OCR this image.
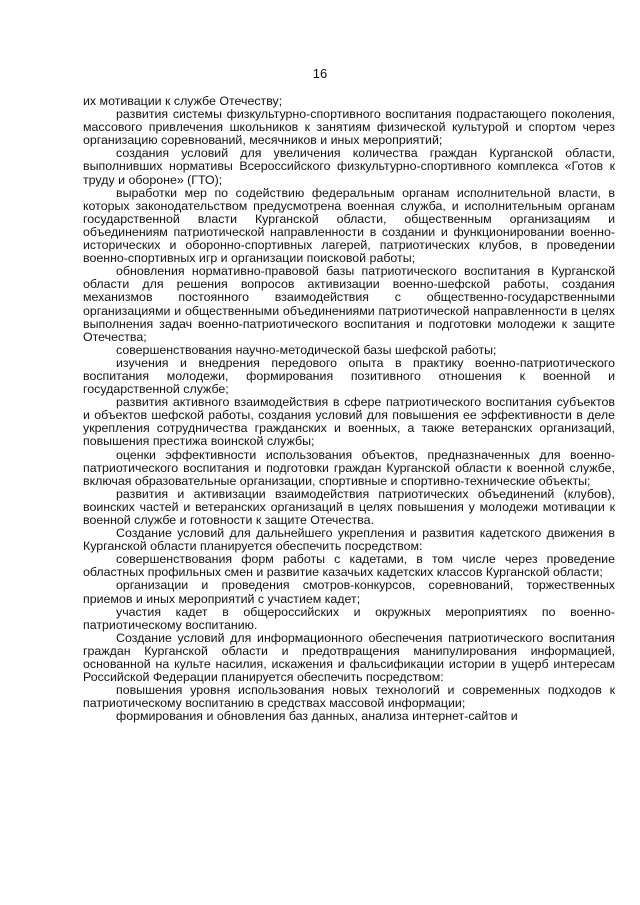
16

их мотивации к службе Отечеству;

развития системы физкультурно-спортивного воспитания подрастающего поколения, массового привлечения школьников к занятиям физической культурой и спортом через организацию соревнований, месячников и иных мероприятий;

создания условий для увеличения количества граждан Курганской области, выполнивших нормативы Всероссийского физкультурно-спортивного комплекса «Готов к труду и обороне» (ГТО);

выработки мер по содействию федеральным органам исполнительной власти, в которых законодательством предусмотрена военная служба, и исполнительным органам государственной власти Курганской области, общественным организациям и объединениям патриотической направленности в создании и функционировании военно-исторических и оборонно-спортивных лагерей, патриотических клубов, в проведении военно-спортивных игр и организации поисковой работы;

обновления нормативно-правовой базы патриотического воспитания в Курганской области для решения вопросов активизации военно-шефской работы, создания механизмов постоянного взаимодействия с общественно-государственными организациями и общественными объединениями патриотической направленности в целях выполнения задач военно-патриотического воспитания и подготовки молодежи к защите Отечества;

совершенствования научно-методической базы шефской работы;

изучения и внедрения передового опыта в практику военно-патриотического воспитания молодежи, формирования позитивного отношения к военной и государственной службе;

развития активного взаимодействия в сфере патриотического воспитания субъектов и объектов шефской работы, создания условий для повышения ее эффективности в деле укрепления сотрудничества гражданских и военных, а также ветеранских организаций, повышения престижа воинской службы;

оценки эффективности использования объектов, предназначенных для военно-патриотического воспитания и подготовки граждан Курганской области к военной службе, включая образовательные организации, спортивные и спортивно-технические объекты;

развития и активизации взаимодействия патриотических объединений (клубов), воинских частей и ветеранских организаций в целях повышения у молодежи мотивации к военной службе и готовности к защите Отечества.

Создание условий для дальнейшего укрепления и развития кадетского движения в Курганской области планируется обеспечить посредством:

совершенствования форм работы с кадетами, в том числе через проведение областных профильных смен и развитие казачьих кадетских классов Курганской области;

организации и проведения смотров-конкурсов, соревнований, торжественных приемов и иных мероприятий с участием кадет;

участия кадет в общероссийских и окружных мероприятиях по военно-патриотическому воспитанию.

Создание условий для информационного обеспечения патриотического воспитания граждан Курганской области и предотвращения манипулирования информацией, основанной на культе насилия, искажения и фальсификации истории в ущерб интересам Российской Федерации планируется обеспечить посредством:

повышения уровня использования новых технологий и современных подходов к патриотическому воспитанию в средствах массовой информации;

формирования и обновления баз данных, анализа интернет-сайтов и
